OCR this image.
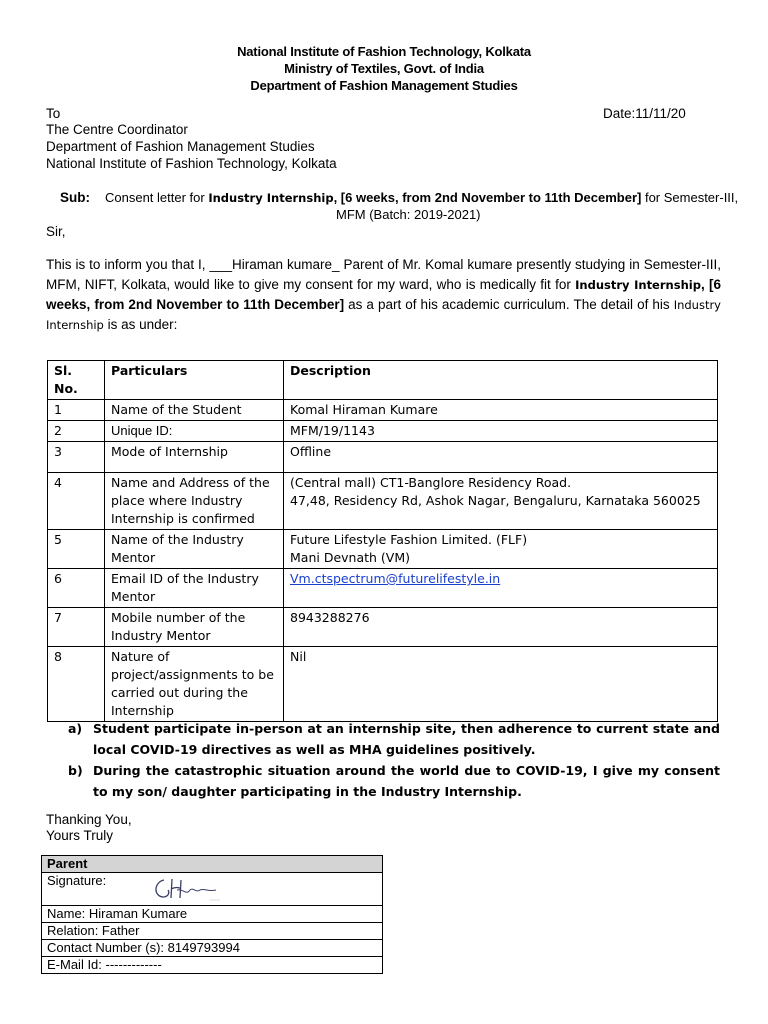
National Institute of Fashion Technology, Kolkata
Ministry of Textiles, Govt. of India
Department of Fashion Management Studies
To	Date:11/11/20
The Centre Coordinator
Department of Fashion Management Studies
National Institute of Fashion Technology, Kolkata
Sub: Consent letter for Industry Internship, [6 weeks, from 2nd November to 11th December] for Semester-III,
MFM (Batch: 2019-2021)
Sir,
This is to inform you that I, ___Hiraman kumare_ Parent of Mr. Komal kumare presently studying in Semester-III, MFM, NIFT, Kolkata, would like to give my consent for my ward, who is medically fit for Industry Internship, [6 weeks, from 2nd November to 11th December] as a part of his academic curriculum. The detail of his Industry Internship is as under:
Sl. No.	Particulars	Description
1	Name of the Student	Komal Hiraman Kumare
2	Unique ID:	MFM/19/1143
3	Mode of Internship	Offline
4	Name and Address of the place where Industry Internship is confirmed	(Central mall) CT1-Banglore Residency Road.
47,48, Residency Rd, Ashok Nagar, Bengaluru, Karnataka 560025

5	Name of the Industry Mentor	Future Lifestyle Fashion Limited. (FLF)
Mani Devnath (VM)

6	Email ID of the Industry Mentor	Vm.ctspectrum@futurelifestyle.in
7	Mobile number of the Industry Mentor	8943288276
8	Nature of project/assignments to be carried out during the Internship	Nil
a) Student participate in-person at an internship site, then adherence to current state and local COVID-19 directives as well as MHA guidelines positively.
b) During the catastrophic situation around the world due to COVID-19, I give my consent to my son/ daughter participating in the Industry Internship.
Thanking You,
Yours Truly
Parent
Signature:
Name: Hiraman Kumare
Relation: Father
Contact Number (s): 8149793994
E-Mail Id: -------------
